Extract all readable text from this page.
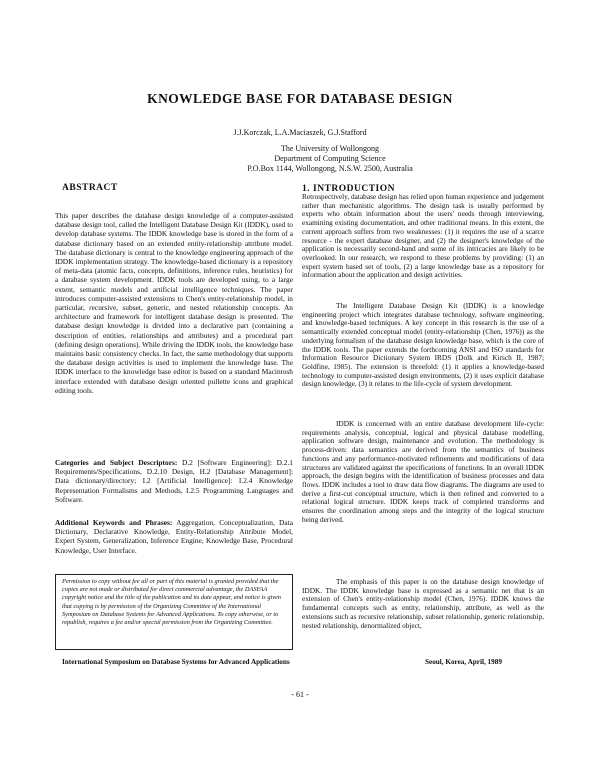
KNOWLEDGE BASE FOR DATABASE DESIGN
J.J.Korczak, L.A.Maciaszek, G.J.Stafford
The University of Wollongong
Department of Computing Science
P.O.Box 1144, Wollongong, N.S.W. 2500, Australia
ABSTRACT

This paper describes the database design knowledge of a computer-assisted database design tool, called the Intelligent Database Design Kit (IDDK), used to develop database systems. The IDDK knowledge base is stored in the form of a database dictionary based on an extended entity-relationship attribute model. The database dictionary is central to the knowledge engineering approach of the IDDK implementation strategy. The knowledge-based dictionary is a repository of meta-data (atomic facts, concepts, definitions, inference rules, heuristics) for a database system development. IDDK tools are developed using, to a large extent, semantic models and artificial intelligence techniques. The paper introduces computer-assisted extensions to Chen's entity-relationship model, in particular, recursive, subset, generic, and nested relationship concepts. An architecture and framework for intelligent database design is presented. The database design knowledge is divided into a declarative part (containing a description of entities, relationships and attributes) and a procedural part (defining design operations). While driving the IDDK tools, the knowledge base maintains basic consistency checks. In fact, the same methodology that supports the database design activities is used to implement the knowledge base. The IDDK interface to the knowledge base editor is based on a standard Macintosh interface extended with database design oriented pullette icons and graphical editing tools.

Categories and Subject Descriptors: D.2 [Software Engineering]: D.2.1 Requirements/Specifications, D.2.10 Design, H.2 [Database Management]: Data dictionary/directory; I.2 [Artificial Intelligence]: I.2.4 Knowledge Representation Formalisms and Methods, I.2.5 Programming Languages and Software.

Additional Keywords and Phrases: Aggregation, Conceptualization, Data Dictionary, Declarative Knowledge, Entity-Relationship Attribute Model, Expert System, Generalization, Inference Engine, Knowledge Base, Procedural Knowledge, User Interface.

Permission to copy without fee all or part of this material is granted provided that the copies are not made or distributed for direct commercial advantage, the DASFAA copyright notice and the title of the publication and its date appear, and notice is given that copying is by permission of the Organizing Committee of the International Symposium on Database Systems for Advanced Applications. To copy otherwise, or to republish, requires a fee and/or special permission from the Organizing Committee.

1. INTRODUCTION

Retrospectively, database design has relied upon human experience and judgement rather than mechanistic algorithms. The design task is usually performed by experts who obtain information about the users' needs through interviewing, examining existing documentation, and other traditional means. In this extent, the current approach suffers from two weaknesses: (1) it requires the use of a scarce resource - the expert database designer, and (2) the designer's knowledge of the application is necessarily second-hand and some of its intricacies are likely to be overlooked. In our research, we respond to these problems by providing: (1) an expert system based set of tools, (2) a large knowledge base as a repository for information about the application and design activities.

The Intelligent Database Design Kit (IDDK) is a knowledge engineering project which integrates database technology, software engineering, and knowledge-based techniques. A key concept in this research is the use of a semantically extended conceptual model (entity-relationship (Chen, 1976)) as the underlying formalism of the database design knowledge base, which is the core of the IDDK tools. The paper extends the forthcoming ANSI and ISO standards for Information Resource Dictionary System IRDS (Dolk and Kirsch II, 1987; Goldfine, 1985). The extension is threefold: (1) it applies a knowledge-based technology to computer-assisted design environments, (2) it uses explicit database design knowledge, (3) it relates to the life-cycle of system development.

IDDK is concerned with an entire database development life-cycle: requirements analysis, conceptual, logical and physical database modelling, application software design, maintenance and evolution. The methodology is process-driven: data semantics are derived from the semantics of business functions and any performance-motivated refinements and modifications of data structures are validated against the specifications of functions. In an overall IDDK approach, the design begins with the identification of business processes and data flows. IDDK includes a tool to draw data flow diagrams. The diagrams are used to derive a first-cut conceptual structure, which is then refined and converted to a relational logical structure. IDDK keeps track of completed transforms and ensures the coordination among steps and the integrity of the logical structure being derived.

The emphasis of this paper is on the database design knowledge of IDDK. The IDDK knowledge base is expressed as a semantic net that is an extension of Chen's entity-relationship model (Chen, 1976). IDDK knows the fundamental concepts such as entity, relationship, attribute, as well as the extensions such as recursive relationship, subset relationship, generic relationship, nested relationship, denormalized object,

International Symposium on Database Systems for Advanced Applications	Seoul, Korea, April, 1989
- 61 -
